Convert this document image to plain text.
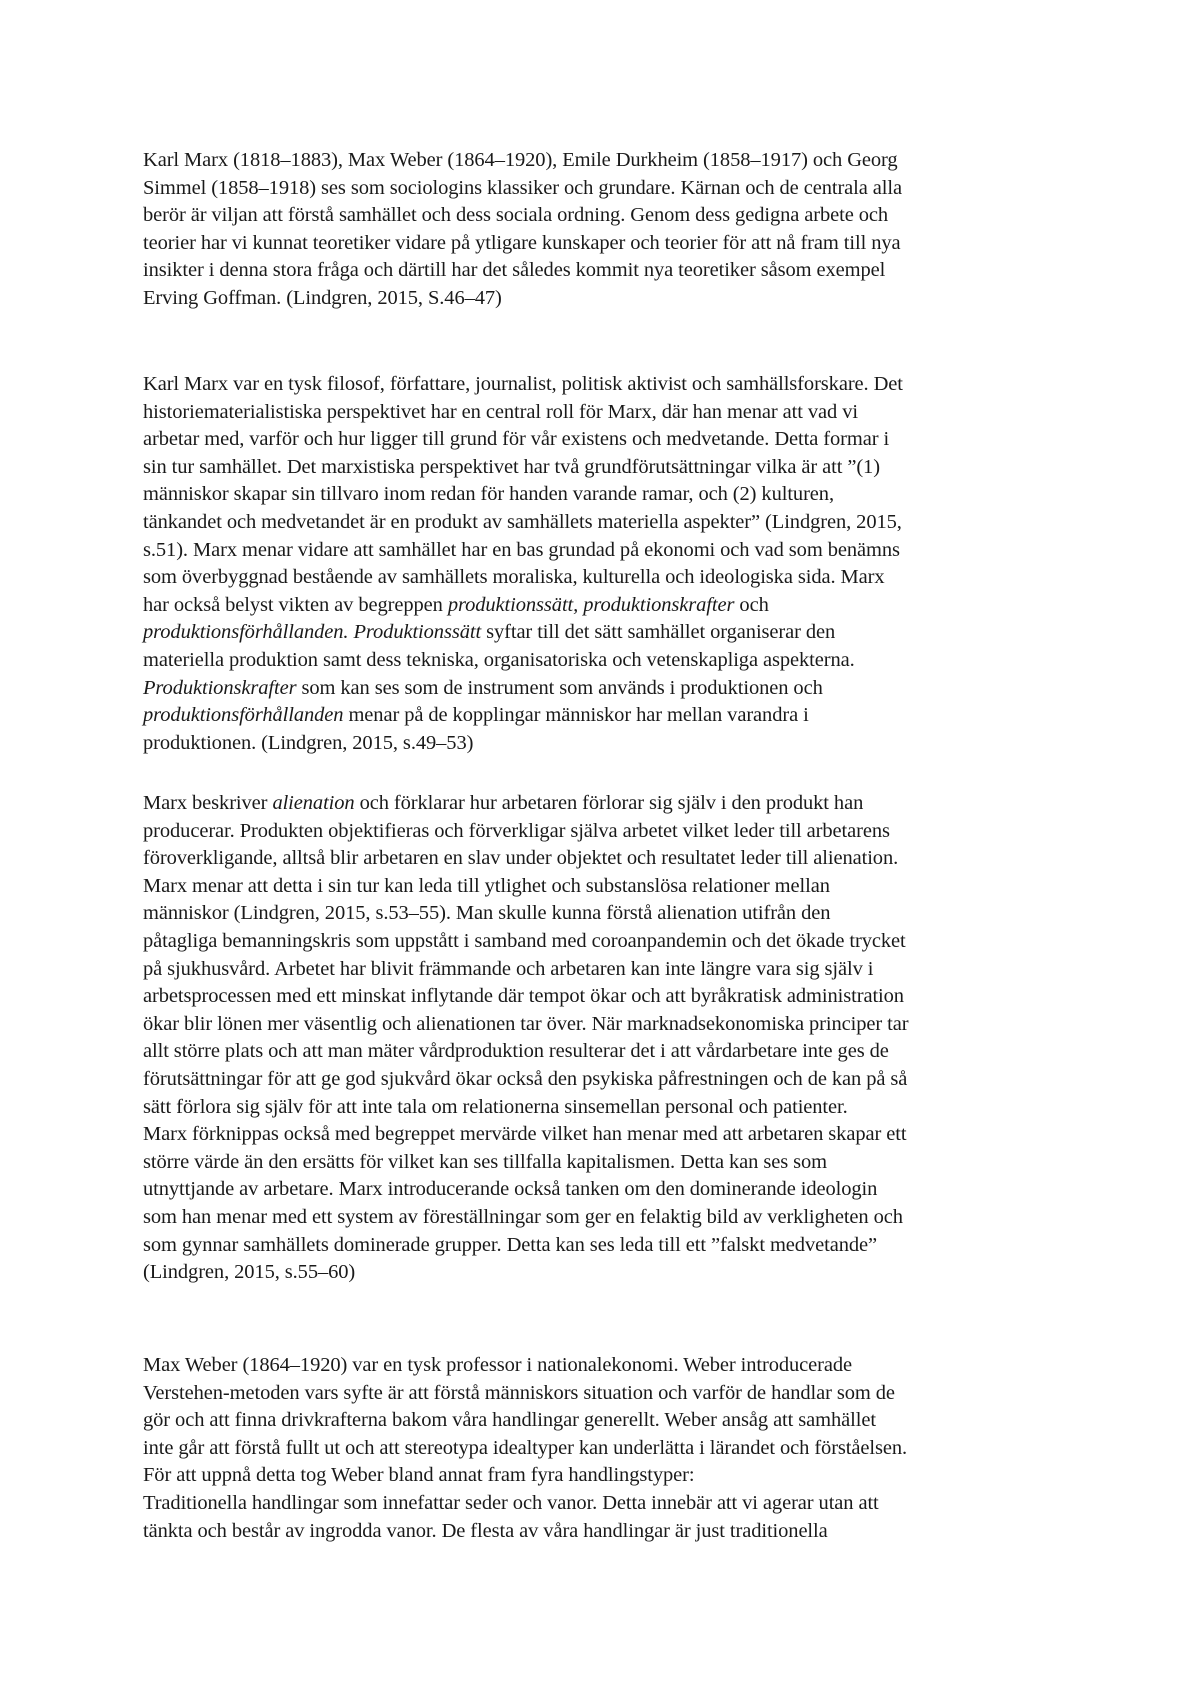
Karl Marx (1818–1883), Max Weber (1864–1920), Emile Durkheim (1858–1917) och Georg
Simmel (1858–1918) ses som sociologins klassiker och grundare. Kärnan och de centrala alla
berör är viljan att förstå samhället och dess sociala ordning. Genom dess gedigna arbete och
teorier har vi kunnat teoretiker vidare på ytligare kunskaper och teorier för att nå fram till nya
insikter i denna stora fråga och därtill har det således kommit nya teoretiker såsom exempel
Erving Goffman. (Lindgren, 2015, S.46–47)
Karl Marx var en tysk filosof, författare, journalist, politisk aktivist och samhällsforskare. Det
historiematerialistiska perspektivet har en central roll för Marx, där han menar att vad vi
arbetar med, varför och hur ligger till grund för vår existens och medvetande. Detta formar i
sin tur samhället. Det marxistiska perspektivet har två grundförutsättningar vilka är att ”(1)
människor skapar sin tillvaro inom redan för handen varande ramar, och (2) kulturen,
tänkandet och medvetandet är en produkt av samhällets materiella aspekter” (Lindgren, 2015,
s.51). Marx menar vidare att samhället har en bas grundad på ekonomi och vad som benämns
som överbyggnad bestående av samhällets moraliska, kulturella och ideologiska sida. Marx
har också belyst vikten av begreppen produktionssätt, produktionskrafter och
produktionsförhållanden. Produktionssätt syftar till det sätt samhället organiserar den
materiella produktion samt dess tekniska, organisatoriska och vetenskapliga aspekterna.
Produktionskrafter som kan ses som de instrument som används i produktionen och
produktionsförhållanden menar på de kopplingar människor har mellan varandra i
produktionen. (Lindgren, 2015, s.49–53)
Marx beskriver alienation och förklarar hur arbetaren förlorar sig själv i den produkt han
producerar. Produkten objektifieras och förverkligar själva arbetet vilket leder till arbetarens
föroverkligande, alltså blir arbetaren en slav under objektet och resultatet leder till alienation.
Marx menar att detta i sin tur kan leda till ytlighet och substanslösa relationer mellan
människor (Lindgren, 2015, s.53–55). Man skulle kunna förstå alienation utifrån den
påtagliga bemanningskris som uppstått i samband med coroanpandemin och det ökade trycket
på sjukhusvård. Arbetet har blivit främmande och arbetaren kan inte längre vara sig själv i
arbetsprocessen med ett minskat inflytande där tempot ökar och att byråkratisk administration
ökar blir lönen mer väsentlig och alienationen tar över. När marknadsekonomiska principer tar
allt större plats och att man mäter vårdproduktion resulterar det i att vårdarbetare inte ges de
förutsättningar för att ge god sjukvård ökar också den psykiska påfrestningen och de kan på så
sätt förlora sig själv för att inte tala om relationerna sinsemellan personal och patienter.
Marx förknippas också med begreppet mervärde vilket han menar med att arbetaren skapar ett
större värde än den ersätts för vilket kan ses tillfalla kapitalismen. Detta kan ses som
utnyttjande av arbetare. Marx introducerande också tanken om den dominerande ideologin
som han menar med ett system av föreställningar som ger en felaktig bild av verkligheten och
som gynnar samhällets dominerade grupper. Detta kan ses leda till ett ”falskt medvetande”
(Lindgren, 2015, s.55–60)
Max Weber (1864–1920) var en tysk professor i nationalekonomi. Weber introducerade
Verstehen-metoden vars syfte är att förstå människors situation och varför de handlar som de
gör och att finna drivkrafterna bakom våra handlingar generellt. Weber ansåg att samhället
inte går att förstå fullt ut och att stereotypa idealtyper kan underlätta i lärandet och förståelsen.
För att uppnå detta tog Weber bland annat fram fyra handlingstyper:
Traditionella handlingar som innefattar seder och vanor. Detta innebär att vi agerar utan att
tänkta och består av ingrodda vanor. De flesta av våra handlingar är just traditionella
